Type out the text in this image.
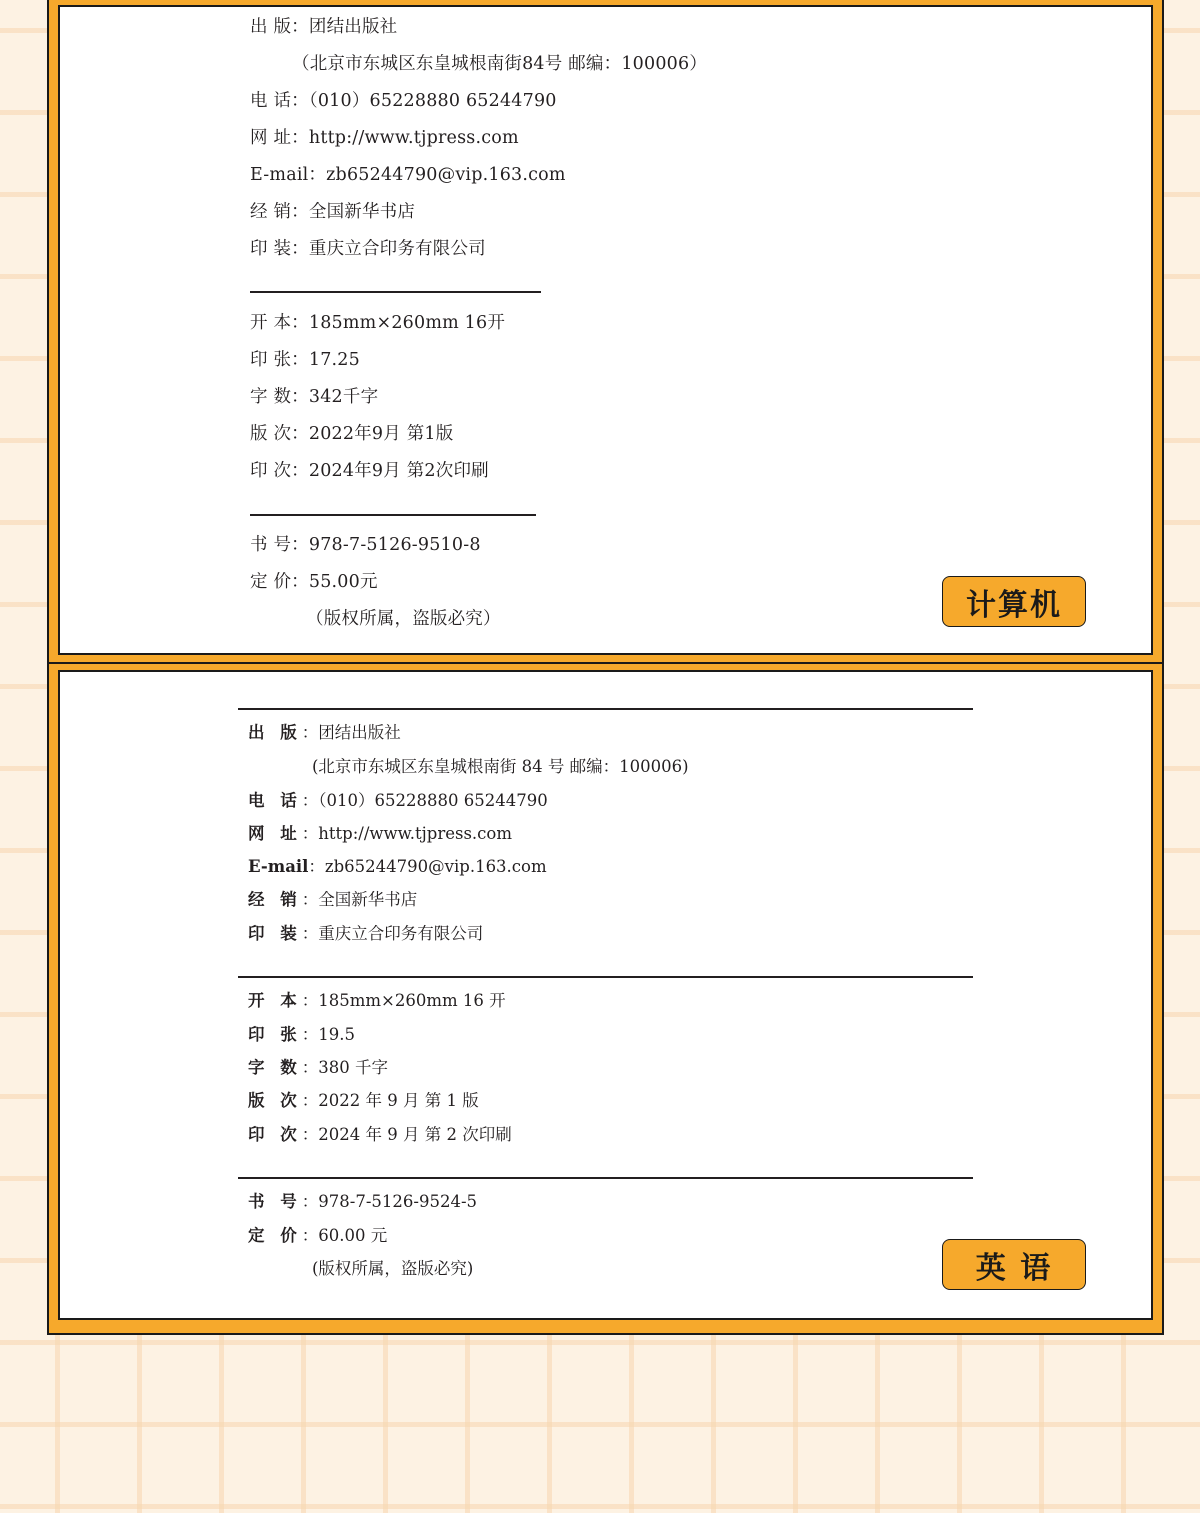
出 版：团结出版社
（北京市东城区东皇城根南街84号 邮编：100006）
电 话：（010）65228880 65244790
网 址：http://www.tjpress.com
E-mail：zb65244790@vip.163.com
经 销：全国新华书店
印 装：重庆立合印务有限公司
开 本：185mm×260mm 16开
印 张：17.25
字 数：342千字
版 次：2022年9月 第1版
印 次：2024年9月 第2次印刷
书 号：978-7-5126-9510-8
定 价：55.00元
（版权所属，盗版必究）	计算机
出 版：团结出版社
(北京市东城区东皇城根南街 84 号 邮编：100006)
电 话：（010）65228880 65244790
网 址：http://www.tjpress.com
E-mail：zb65244790@vip.163.com
经 销：全国新华书店
印 装：重庆立合印务有限公司
开 本：185mm×260mm 16 开
印 张：19.5
字 数：380 千字
版 次：2022 年 9 月 第 1 版
印 次：2024 年 9 月 第 2 次印刷
书 号：978-7-5126-9524-5
定 价：60.00 元
(版权所属，盗版必究)	英 语
